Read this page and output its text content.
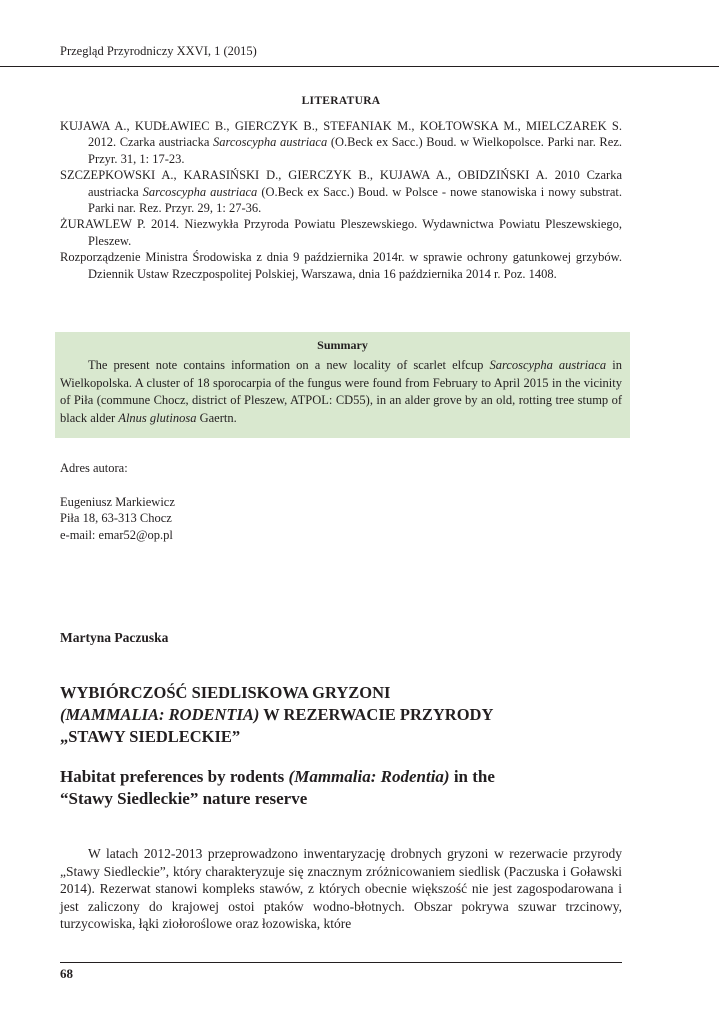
Przegląd Przyrodniczy XXVI, 1 (2015)
LITERATURA
KUJAWA A., KUDŁAWIEC B., GIERCZYK B., STEFANIAK M., KOŁTOWSKA M., MIELCZAREK S. 2012. Czarka austriacka Sarcoscypha austriaca (O.Beck ex Sacc.) Boud. w Wielkopolsce. Parki nar. Rez. Przyr. 31, 1: 17-23.
SZCZEPKOWSKI A., KARASIŃSKI D., GIERCZYK B., KUJAWA A., OBIDZIŃSKI A. 2010 Czarka austriacka Sarcoscypha austriaca (O.Beck ex Sacc.) Boud. w Polsce - nowe stanowiska i nowy substrat. Parki nar. Rez. Przyr. 29, 1: 27-36.
ŻURAWLEW P. 2014. Niezwykła Przyroda Powiatu Pleszewskiego. Wydawnictwa Powiatu Pleszewskiego, Pleszew.
Rozporządzenie Ministra Środowiska z dnia 9 października 2014r. w sprawie ochrony gatunkowej grzybów. Dziennik Ustaw Rzeczpospolitej Polskiej, Warszawa, dnia 16 października 2014 r. Poz. 1408.
Summary
The present note contains information on a new locality of scarlet elfcup Sarcoscypha austriaca in Wielkopolska. A cluster of 18 sporocarpia of the fungus were found from February to April 2015 in the vicinity of Piła (commune Chocz, district of Pleszew, ATPOL: CD55), in an alder grove by an old, rotting tree stump of black alder Alnus glutinosa Gaertn.
Adres autora:
Eugeniusz Markiewicz
Piła 18, 63-313 Chocz
e-mail: emar52@op.pl
Martyna Paczuska
WYBIÓRCZOŚĆ SIEDLISKOWA GRYZONI
(MAMMALIA: RODENTIA) W REZERWACIE PRZYRODY
„STAWY SIEDLECKIE”
Habitat preferences by rodents (Mammalia: Rodentia) in the
“Stawy Siedleckie” nature reserve
W latach 2012-2013 przeprowadzono inwentaryzację drobnych gryzoni w rezerwacie przyrody „Stawy Siedleckie”, który charakteryzuje się znacznym zróżnicowaniem siedlisk (Paczuska i Goławski 2014). Rezerwat stanowi kompleks stawów, z których obecnie większość nie jest zagospodarowana i jest zaliczony do krajowej ostoi ptaków wodno-błotnych. Obszar pokrywa szuwar trzcinowy, turzycowiska, łąki ziołoroślowe oraz łozowiska, które
68
